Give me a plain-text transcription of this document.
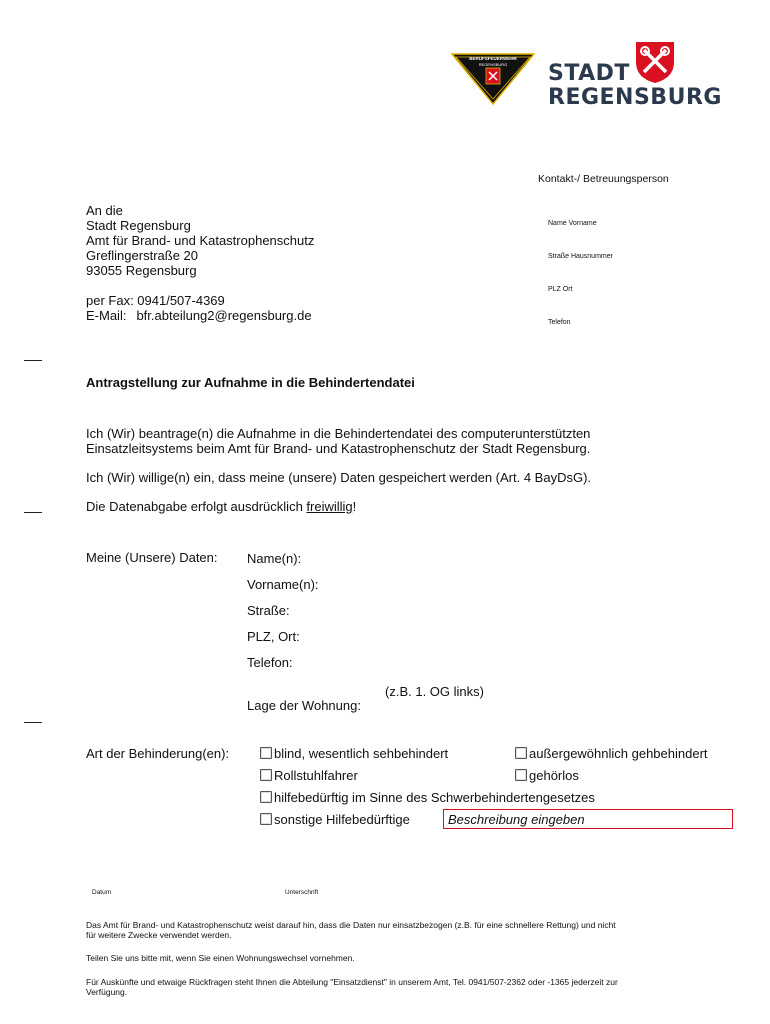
BERUFSFEUERWEHR
REGENSBURG	STADT
REGENSBURG
Kontakt-/ Betreuungsperson
Name Vorname
Straße Hausnummer
PLZ Ort
Telefon
An die
Stadt Regensburg
Amt für Brand- und Katastrophenschutz
Greflingerstraße 20
93055 Regensburg
per Fax: 0941/507-4369
E-Mail: bfr.abteilung2@regensburg.de
Antragstellung zur Aufnahme in die Behindertendatei
Ich (Wir) beantrage(n) die Aufnahme in die Behindertendatei des computerunterstützten
Einsatzleitsystems beim Amt für Brand- und Katastrophenschutz der Stadt Regensburg.
Ich (Wir) willige(n) ein, dass meine (unsere) Daten gespeichert werden (Art. 4 BayDsG).
Die Datenabgabe erfolgt ausdrücklich freiwillig!
Meine (Unsere) Daten: Name(n):
Vorname(n):
Straße:
PLZ, Ort:
Telefon:
(z.B. 1. OG links)
Lage der Wohnung:
Art der Behinderung(en):	blind, wesentlich sehbehindert	außergewöhnlich gehbehindert
Rollstuhlfahrer	gehörlos
hilfebedürftig im Sinne des Schwerbehindertengesetzes
sonstige Hilfebedürftige	Beschreibung eingeben
Datum	Unterschrift
Das Amt für Brand- und Katastrophenschutz weist darauf hin, dass die Daten nur einsatzbezogen (z.B. für eine schnellere Rettung) und nicht
für weitere Zwecke verwendet werden.
Teilen Sie uns bitte mit, wenn Sie einen Wohnungswechsel vornehmen.
Für Auskünfte und etwaige Rückfragen steht Ihnen die Abteilung "Einsatzdienst" in unserem Amt, Tel. 0941/507-2362 oder -1365 jederzeit zur
Verfügung.
